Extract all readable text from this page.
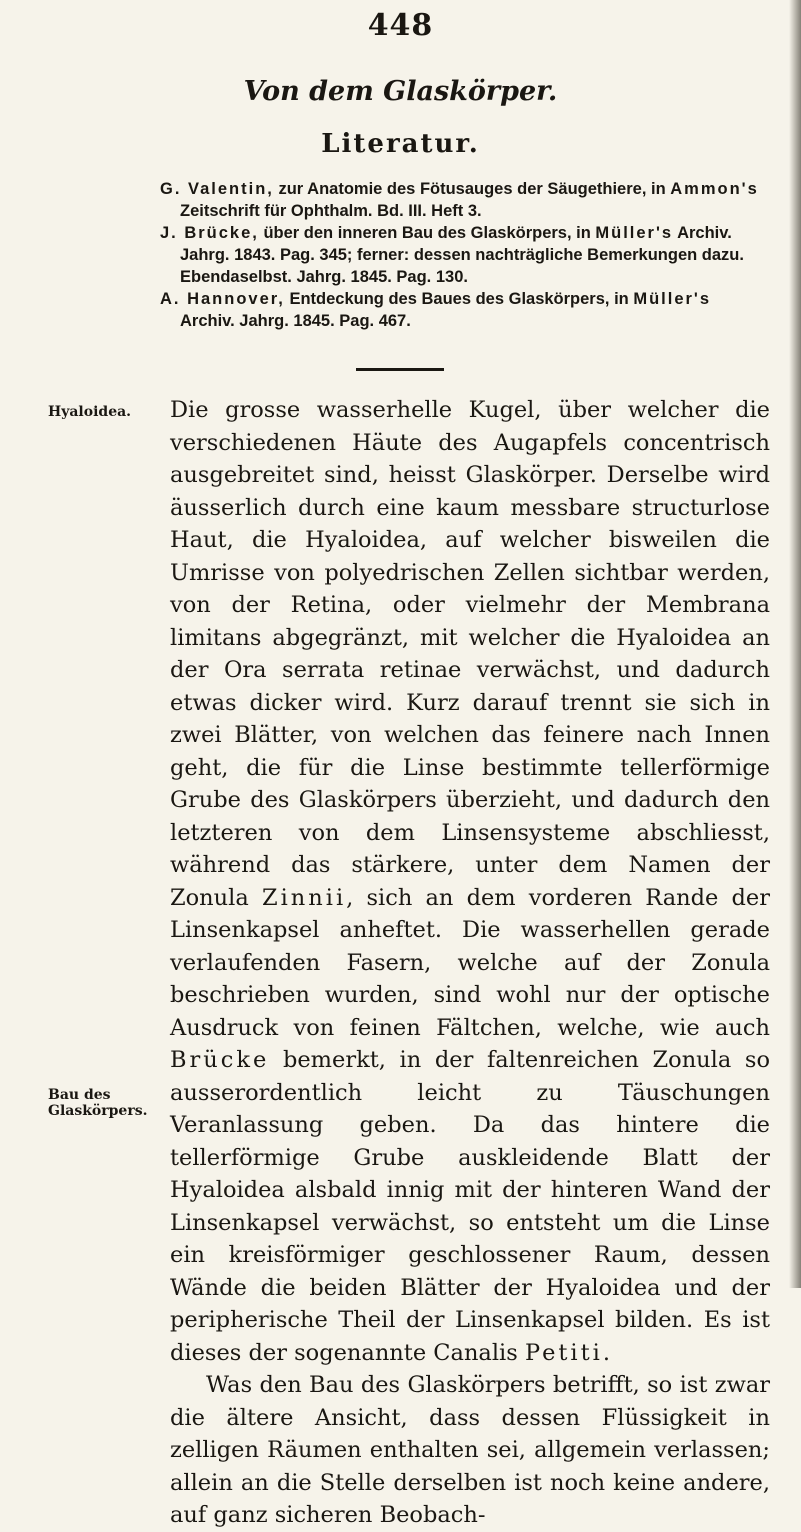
448
Von dem Glaskörper.
Literatur.
G. Valentin, zur Anatomie des Fötusauges der Säugethiere, in Ammon's Zeitschrift für Ophthalm. Bd. III. Heft 3.
J. Brücke, über den inneren Bau des Glaskörpers, in Müller's Archiv. Jahrg. 1843. Pag. 345; ferner: dessen nachträgliche Bemerkungen dazu. Ebendaselbst. Jahrg. 1845. Pag. 130.
A. Hannover, Entdeckung des Baues des Glaskörpers, in Müller's Archiv. Jahrg. 1845. Pag. 467.
Hyaloidea.
Bau des Glaskörpers.

Die grosse wasserhelle Kugel, über welcher die verschiedenen Häute des Augapfels concentrisch ausgebreitet sind, heisst Glaskörper. Derselbe wird äusserlich durch eine kaum messbare structurlose Haut, die Hyaloidea, auf welcher bisweilen die Umrisse von polyedrischen Zellen sichtbar werden, von der Retina, oder vielmehr der Membrana limitans abgegränzt, mit welcher die Hyaloidea an der Ora serrata retinae verwächst, und dadurch etwas dicker wird. Kurz darauf trennt sie sich in zwei Blätter, von welchen das feinere nach Innen geht, die für die Linse bestimmte tellerförmige Grube des Glaskörpers überzieht, und dadurch den letzteren von dem Linsensysteme abschliesst, während das stärkere, unter dem Namen der Zonula Zinnii, sich an dem vorderen Rande der Linsenkapsel anheftet. Die wasserhellen gerade verlaufenden Fasern, welche auf der Zonula beschrieben wurden, sind wohl nur der optische Ausdruck von feinen Fältchen, welche, wie auch Brücke bemerkt, in der faltenreichen Zonula so ausserordentlich leicht zu Täuschungen Veranlassung geben. Da das hintere die tellerförmige Grube auskleidende Blatt der Hyaloidea alsbald innig mit der hinteren Wand der Linsenkapsel verwächst, so entsteht um die Linse ein kreisförmiger geschlossener Raum, dessen Wände die beiden Blätter der Hyaloidea und der peripherische Theil der Linsenkapsel bilden. Es ist dieses der sogenannte Canalis Petiti.

Was den Bau des Glaskörpers betrifft, so ist zwar die ältere Ansicht, dass dessen Flüssigkeit in zelligen Räumen enthalten sei, allgemein verlassen; allein an die Stelle derselben ist noch keine andere, auf ganz sicheren Beobach-
